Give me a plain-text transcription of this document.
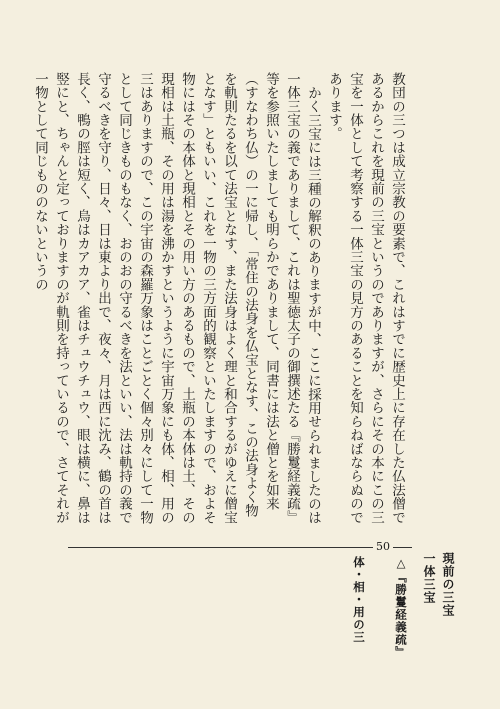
教団の三つは成立宗教の要素で、これはすでに歴史上に存在した仏法僧であるからこれを現前の三宝というのでありますが、さらにその本にこの三宝を一体として考察する一体三宝の見方のあることを知らねばならぬのであります。

かく三宝には三種の解釈のありますが中、ここに採用せられましたのは一体三宝の義でありまして、これは聖徳太子の御撰述たる『勝鬘経義疏』等を参照いたしましても明らかでありまして、同書には法と僧とを如来（すなわち仏）の一に帰し、「常住の法身を仏宝となす、この法身よく物を軌則たるを以て法宝となす、また法身はよく理と和合するがゆえに僧宝となす」ともいい、これを一物の三方面的観察といたしますので、およそ物にはその本体と現相とその用い方のあるもので、土瓶の本体は土、その現相は土瓶、その用は湯を沸かすというように宇宙万象にも体、相、用の三はありますので、この宇宙の森羅万象はことごとく個々別々にして一物として同じきものもなく、おのおの守るべきを法といい、法は軌持の義で守るべきを守り、日々、日は東より出で、夜々、月は西に沈み、鶴の首は長く、鴨の脛は短く、烏はカアカア、雀はチュウチュウ、眼は横に、鼻は竪にと、ちゃんと定っておりますのが軌則を持っているので、さてそれが一物として同じもののないというの

50
現前の三宝
一体三宝
△『勝鬘経義疏』
体・相・用の三
